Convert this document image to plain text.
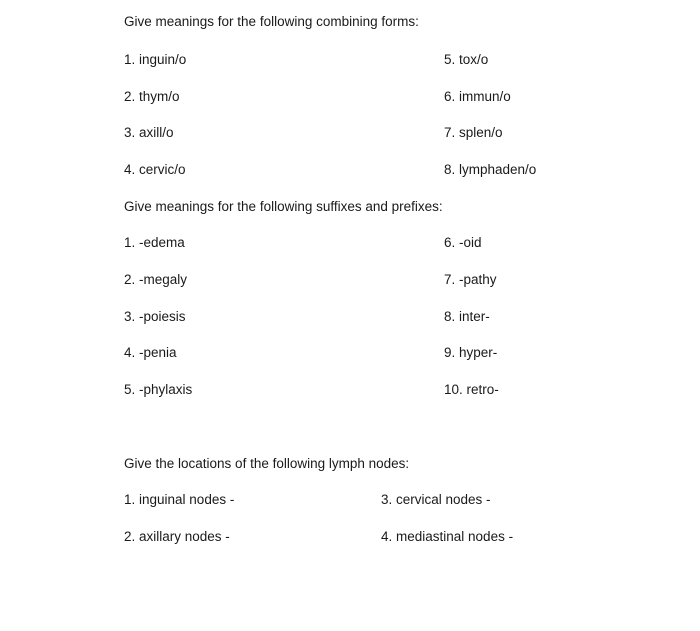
Give meanings for the following combining forms:
1. inguin/o	5. tox/o
2. thym/o	6. immun/o
3. axill/o	7. splen/o
4. cervic/o	8. lymphaden/o
Give meanings for the following suffixes and prefixes:
1. -edema	6. -oid
2. -megaly	7. -pathy
3. -poiesis	8. inter-
4. -penia	9. hyper-
5. -phylaxis	10. retro-
Give the locations of the following lymph nodes:
1. inguinal nodes -	3. cervical nodes -
2. axillary nodes -	4. mediastinal nodes -
